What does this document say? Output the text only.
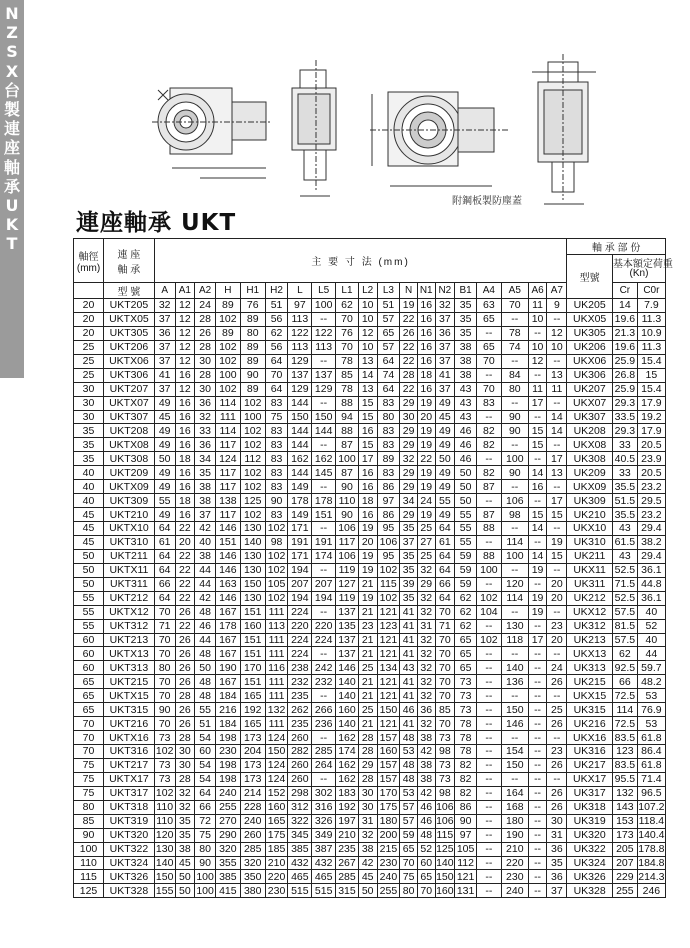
N
Z
S
X
台
製
連
座
軸
承
U
K
T
附鋼板製防塵蓋
連座軸承 UKT
軸徑
(mm)	連 座
軸 承	主 要 寸 法 (mm)																			軸 承 部 份		
																					型號	基本額定荷重
(Kn)	
	型 號	A	A1	A2	H	H1	H2	L	L5	L1	L2	L3	N	N1	N2	B1	A4	A5	A6	A7		Cr	C0r
20	UKT205	32	12	24	89	76	51	97	100	62	10	51	19	16	32	35	63	70	11	9	UK205	14	7.9
20	UKTX05	37	12	28	102	89	56	113	--	70	10	57	22	16	37	35	65	--	10	--	UKX05	19.6	11.3
20	UKT305	36	12	26	89	80	62	122	122	76	12	65	26	16	36	35	--	78	--	12	UK305	21.3	10.9
25	UKT206	37	12	28	102	89	56	113	113	70	10	57	22	16	37	38	65	74	10	10	UK206	19.6	11.3
25	UKTX06	37	12	30	102	89	64	129	--	78	13	64	22	16	37	38	70	--	12	--	UKX06	25.9	15.4
25	UKT306	41	16	28	100	90	70	137	137	85	14	74	28	18	41	38	--	84	--	13	UK306	26.8	15
30	UKT207	37	12	30	102	89	64	129	129	78	13	64	22	16	37	43	70	80	11	11	UK207	25.9	15.4
30	UKTX07	49	16	36	114	102	83	144	--	88	15	83	29	19	49	43	83	--	17	--	UKX07	29.3	17.9
30	UKT307	45	16	32	111	100	75	150	150	94	15	80	30	20	45	43	--	90	--	14	UK307	33.5	19.2
35	UKT208	49	16	33	114	102	83	144	144	88	16	83	29	19	49	46	82	90	15	14	UK208	29.3	17.9
35	UKTX08	49	16	36	117	102	83	144	--	87	15	83	29	19	49	46	82	--	15	--	UKX08	33	20.5
35	UKT308	50	18	34	124	112	83	162	162	100	17	89	32	22	50	46	--	100	--	17	UK308	40.5	23.9
40	UKT209	49	16	35	117	102	83	144	145	87	16	83	29	19	49	50	82	90	14	13	UK209	33	20.5
40	UKTX09	49	16	38	117	102	83	149	--	90	16	86	29	19	49	50	87	--	16	--	UKX09	35.5	23.2
40	UKT309	55	18	38	138	125	90	178	178	110	18	97	34	24	55	50	--	106	--	17	UK309	51.5	29.5
45	UKT210	49	16	37	117	102	83	149	151	90	16	86	29	19	49	55	87	98	15	15	UK210	35.5	23.2
45	UKTX10	64	22	42	146	130	102	171	--	106	19	95	35	25	64	55	88	--	14	--	UKX10	43	29.4
45	UKT310	61	20	40	151	140	98	191	191	117	20	106	37	27	61	55	--	114	--	19	UK310	61.5	38.2
50	UKT211	64	22	38	146	130	102	171	174	106	19	95	35	25	64	59	88	100	14	15	UK211	43	29.4
50	UKTX11	64	22	44	146	130	102	194	--	119	19	102	35	32	64	59	100	--	19	--	UKX11	52.5	36.1
50	UKT311	66	22	44	163	150	105	207	207	127	21	115	39	29	66	59	--	120	--	20	UK311	71.5	44.8
55	UKT212	64	22	42	146	130	102	194	194	119	19	102	35	32	64	62	102	114	19	20	UK212	52.5	36.1
55	UKTX12	70	26	48	167	151	111	224	--	137	21	121	41	32	70	62	104	--	19	--	UKX12	57.5	40
55	UKT312	71	22	46	178	160	113	220	220	135	23	123	41	31	71	62	--	130	--	23	UK312	81.5	52
60	UKT213	70	26	44	167	151	111	224	224	137	21	121	41	32	70	65	102	118	17	20	UK213	57.5	40
60	UKTX13	70	26	48	167	151	111	224	--	137	21	121	41	32	70	65	--	--	--	--	UKX13	62	44
60	UKT313	80	26	50	190	170	116	238	242	146	25	134	43	32	70	65	--	140	--	24	UK313	92.5	59.7
65	UKT215	70	26	48	167	151	111	232	232	140	21	121	41	32	70	73	--	136	--	26	UK215	66	48.2
65	UKTX15	70	28	48	184	165	111	235	--	140	21	121	41	32	70	73	--	--	--	--	UKX15	72.5	53
65	UKT315	90	26	55	216	192	132	262	266	160	25	150	46	36	85	73	--	150	--	25	UK315	114	76.9
70	UKT216	70	26	51	184	165	111	235	236	140	21	121	41	32	70	78	--	146	--	26	UK216	72.5	53
70	UKTX16	73	28	54	198	173	124	260	--	162	28	157	48	38	73	78	--	--	--	--	UKX16	83.5	61.8
70	UKT316	102	30	60	230	204	150	282	285	174	28	160	53	42	98	78	--	154	--	23	UK316	123	86.4
75	UKT217	73	30	54	198	173	124	260	264	162	29	157	48	38	73	82	--	150	--	26	UK217	83.5	61.8
75	UKTX17	73	28	54	198	173	124	260	--	162	28	157	48	38	73	82	--	--	--	--	UKX17	95.5	71.4
75	UKT317	102	32	64	240	214	152	298	302	183	30	170	53	42	98	82	--	164	--	26	UK317	132	96.5
80	UKT318	110	32	66	255	228	160	312	316	192	30	175	57	46	106	86	--	168	--	26	UK318	143	107.2
85	UKT319	110	35	72	270	240	165	322	326	197	31	180	57	46	106	90	--	180	--	30	UK319	153	118.4
90	UKT320	120	35	75	290	260	175	345	349	210	32	200	59	48	115	97	--	190	--	31	UK320	173	140.4
100	UKT322	130	38	80	320	285	185	385	387	235	38	215	65	52	125	105	--	210	--	36	UK322	205	178.8
110	UKT324	140	45	90	355	320	210	432	432	267	42	230	70	60	140	112	--	220	--	35	UK324	207	184.8
115	UKT326	150	50	100	385	350	220	465	465	285	45	240	75	65	150	121	--	230	--	36	UK326	229	214.3
125	UKT328	155	50	100	415	380	230	515	515	315	50	255	80	70	160	131	--	240	--	37	UK328	255	246
